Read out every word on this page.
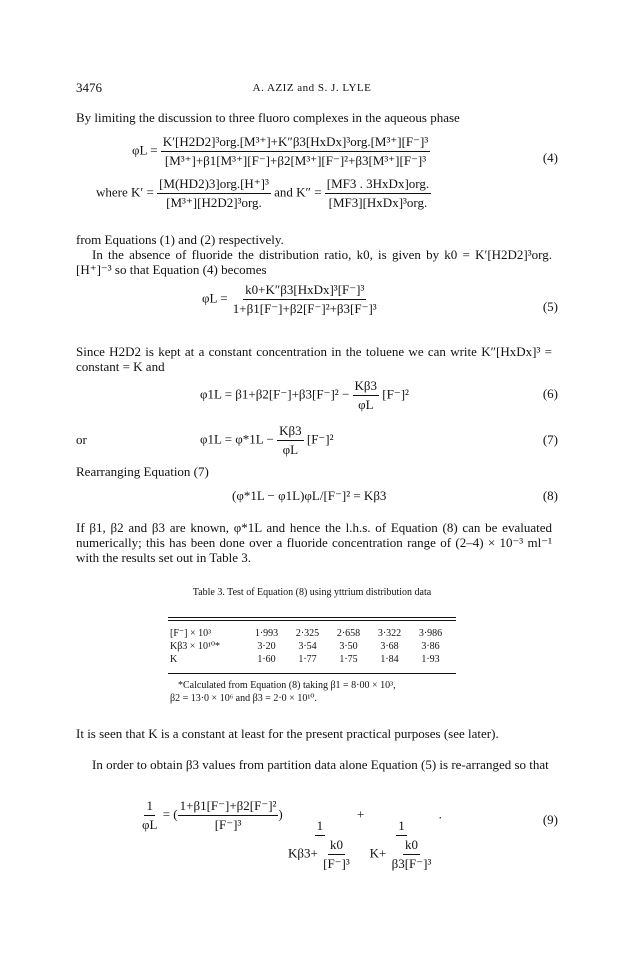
3476	A. AZIZ and S. J. LYLE
By limiting the discussion to three fluoro complexes in the aqueous phase
$\varphi L = \frac{\text{K′[H2D2]³org.[M³⁺]+K″β3[HxDx]³org.[M³⁺][F⁻]³}}{\text{[M³⁺]+β1[M³⁺][F⁻]+β2[M³⁺][F⁻]²+β3[M³⁺][F⁻]³}}$	(4)
where $K' = \frac{\text{[M(HD2)3]org.[H⁺]³}}{\text{[M³⁺][H2D2]³org.}}$ and $K'' = \frac{\text{[MF3 . 3HxDx]org.}}{\text{[MF3][HxDx]³org.}}$
from Equations (1) and (2) respectively.
In the absence of fluoride the distribution ratio, k0, is given by k0 = K′[H2D2]³org.[H⁺]⁻³ so that Equation (4) becomes
$\varphi L = \frac{\text{k0+K″β3[HxDx]³[F⁻]³}}{\text{1+β1[F⁻]+β2[F⁻]²+β3[F⁻]³}}$	(5)
Since H2D2 is kept at a constant concentration in the toluene we can write K″[HxDx]³ = constant = K and
$\varphi 1L = \beta 1+\beta 2[F^-]+\beta 3[F^-]^2 - \frac{K\beta 3}{\varphi L} [F^-]^2$	(6)
or	$\varphi 1L = \varphi*1L - \frac{K\beta 3}{\varphi L} [F^-]^2$	(7)
Rearranging Equation (7)
(φ*1L − φ1L)φL/[F⁻]² = Kβ3	(8)
If β1, β2 and β3 are known, φ*1L and hence the l.h.s. of Equation (8) can be evaluated numerically; this has been done over a fluoride concentration range of (2–4) × 10⁻³ ml⁻¹ with the results set out in Table 3.
Table 3. Test of Equation (8) using yttrium distribution data
[F⁻] × 10³	1·993	2·325	2·658	3·322	3·986
Kβ3 × 10¹⁰*	3·20	3·54	3·50	3·68	3·86
K	1·60	1·77	1·75	1·84	1·93
*Calculated from Equation (8) taking β1 = 8·00 × 10³,
β2 = 13·0 × 10⁶ and β3 = 2·0 × 10¹⁰.
It is seen that K is a constant at least for the present practical purposes (see later).
In order to obtain β3 values from partition data alone Equation (5) is re-arranged so that
$\frac{1}{\varphi L}$ = ( $\frac{\text{1+β1[F⁻]+β2[F⁻]²}}{\text{[F⁻]³}}$ )
$\frac{1}{K\beta 3+ \frac{k0}{\text{[F⁻]³}}}$
+
$\frac{1}{K+ \frac{k0}{\text{β3[F⁻]³}}}$
.	(9)
